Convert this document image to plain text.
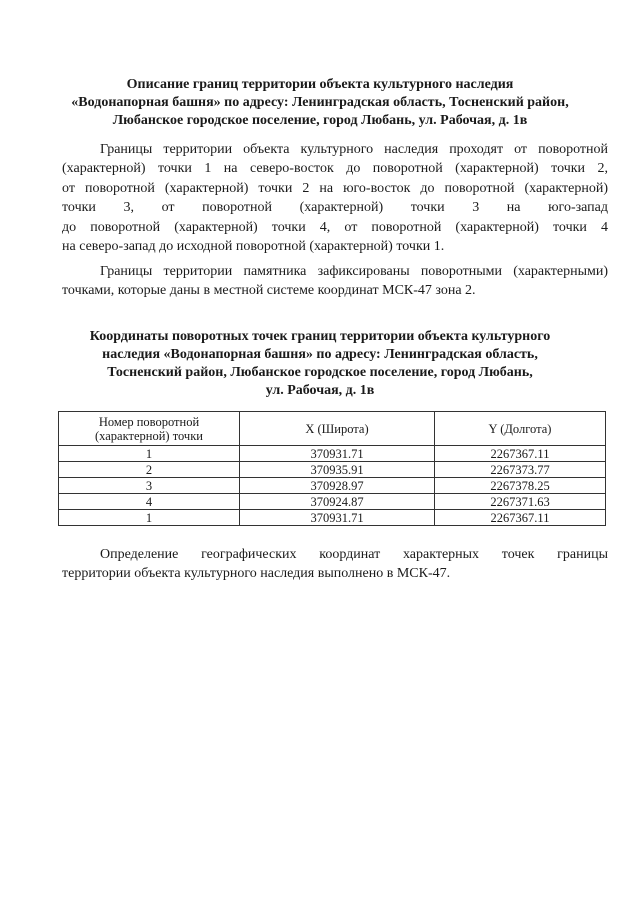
Описание границ территории объекта культурного наследия
«Водонапорная башня» по адресу: Ленинградская область, Тосненский район,
Любанское городское поселение, город Любань, ул. Рабочая, д. 1в
Границы территории объекта культурного наследия проходят от поворотной
(характерной) точки 1 на северо-восток до поворотной (характерной) точки 2,
от поворотной (характерной) точки 2 на юго-восток до поворотной (характерной)
точки 3, от поворотной (характерной) точки 3 на юго-запад
до поворотной (характерной) точки 4, от поворотной (характерной) точки 4
на северо-запад до исходной поворотной (характерной) точки 1.
Границы территории памятника зафиксированы поворотными (характерными)
точками, которые даны в местной системе координат МСК-47 зона 2.
Координаты поворотных точек границ территории объекта культурного
наследия «Водонапорная башня» по адресу: Ленинградская область,
Тосненский район, Любанское городское поселение, город Любань,
ул. Рабочая, д. 1в
Номер поворотной
(характерной) точки	X (Широта)	Y (Долгота)
1	370931.71	2267367.11
2	370935.91	2267373.77
3	370928.97	2267378.25
4	370924.87	2267371.63
1	370931.71	2267367.11
Определение географических координат характерных точек границы
территории объекта культурного наследия выполнено в МСК-47.
